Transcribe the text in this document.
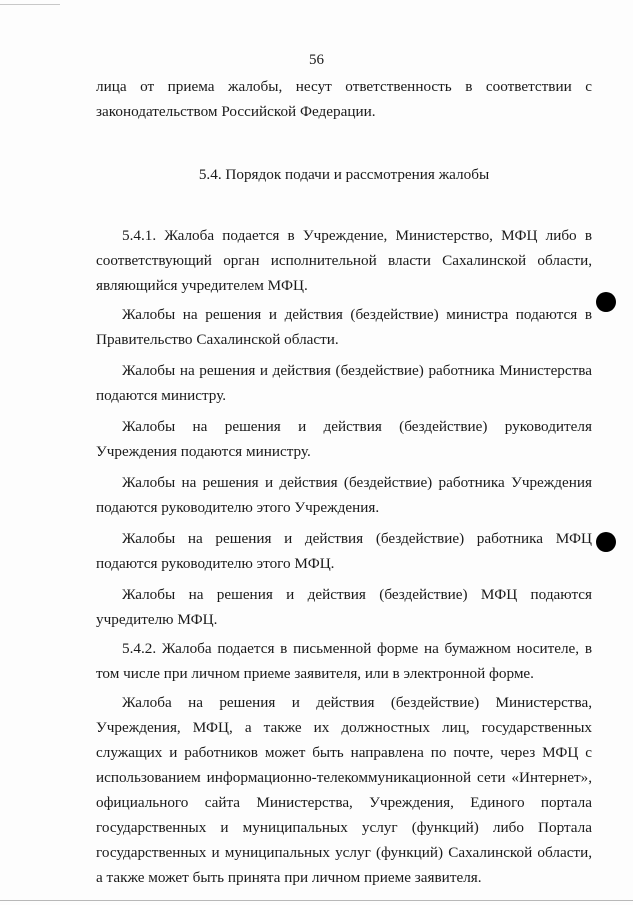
56

лица от приема жалобы, несут ответственность в соответствии с законодательством Российской Федерации.

5.4. Порядок подачи и рассмотрения жалобы

5.4.1. Жалоба подается в Учреждение, Министерство, МФЦ либо в соответствующий орган исполнительной власти Сахалинской области, являющийся учредителем МФЦ.

Жалобы на решения и действия (бездействие) министра подаются в Правительство Сахалинской области.

Жалобы на решения и действия (бездействие) работника Министерства подаются министру.

Жалобы на решения и действия (бездействие) руководителя Учреждения подаются министру.

Жалобы на решения и действия (бездействие) работника Учреждения подаются руководителю этого Учреждения.

Жалобы на решения и действия (бездействие) работника МФЦ подаются руководителю этого МФЦ.

Жалобы на решения и действия (бездействие) МФЦ подаются учредителю МФЦ.

5.4.2. Жалоба подается в письменной форме на бумажном носителе, в том числе при личном приеме заявителя, или в электронной форме.

Жалоба на решения и действия (бездействие) Министерства, Учреждения, МФЦ, а также их должностных лиц, государственных служащих и работников может быть направлена по почте, через МФЦ с использованием информационно-телекоммуникационной сети «Интернет», официального сайта Министерства, Учреждения, Единого портала государственных и муниципальных услуг (функций) либо Портала государственных и муниципальных услуг (функций) Сахалинской области, а также может быть принята при личном приеме заявителя.
